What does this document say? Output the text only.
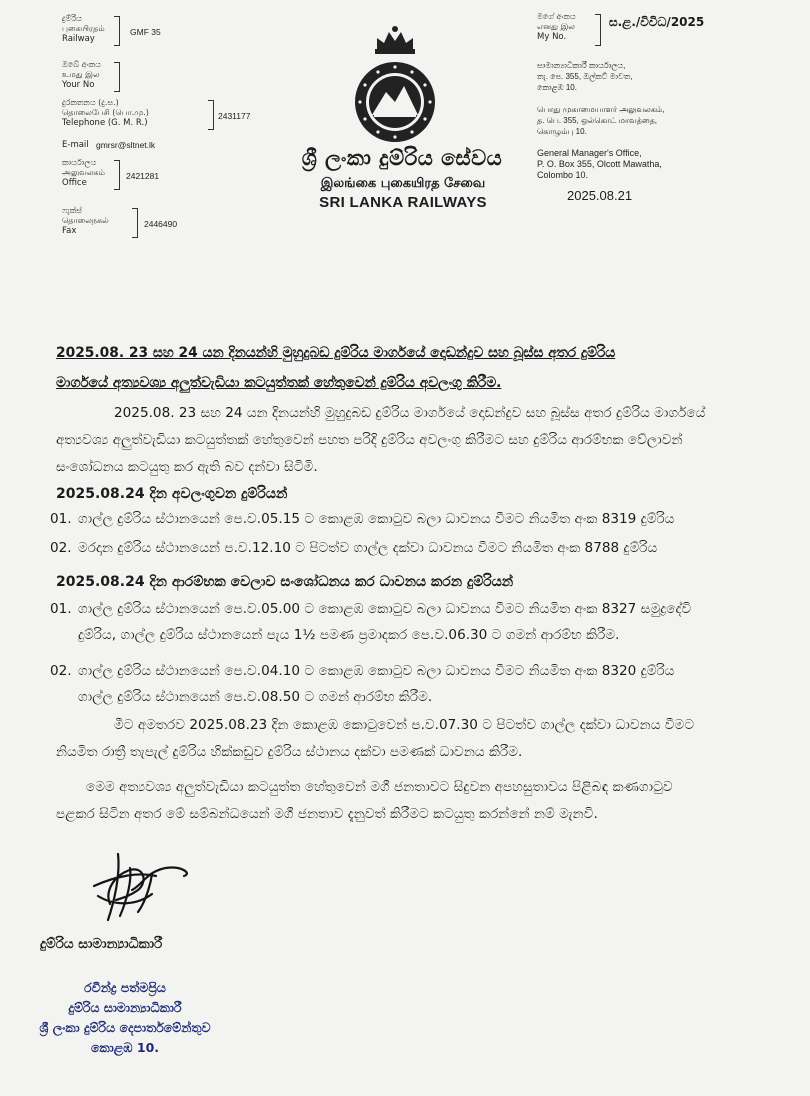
දුම්රිය
புகையிரதம்
Railway
GMF 35
ඔබේ අංකය
உமது இல
Your No
දුරකතනය (දු.ස.)
தொலைபேசி (பொ.மு.)
Telephone (G. M. R.)
2431177
E-mail gmrsr@sltnet.lk
කාර්යාලය
அலுவலகம்
Office
2421281
ෆැක්ස්
தொலைநகல்
Fax
2446490
ශ්‍රී ලංකා දුම්රිය සේවය
இலங்கை புகையிரத சேவை
SRI LANKA RAILWAYS
මගේ අංකය
எனது இல
My No.
ස.ළ./විවිධ/2025
සාමාන්‍යාධිකාරී කාර්යාලය,
තැ. පෙ. 355, ඔල්කට් මාවත,
කොළඹ 10.
பொது முகாமையாளர் அலுவலகம்,
த. பெ. 355, ஒல்கொட் மாவத்தை,
கொழும்பு 10.
General Manager's Office,
P. O. Box 355, Olcott Mawatha,
Colombo 10.
2025.08.21
2025.08. 23 සහ 24 යන දිනයන්හි මුහුදුබඩ දුම්රිය මාර්ගයේ දොඩන්දුව සහ බූස්ස අතර දුම්රිය
මාර්ගයේ අත්‍යවශ්‍ය අලුත්වැඩියා කටයුත්තක් හේතුවෙන් දුම්රිය අවලංගු කිරීම.
2025.08. 23 සහ 24 යන දිනයන්හි මුහුදුබඩ දුම්රිය මාර්ගයේ දොඩන්දුව සහ බූස්ස අතර දුම්රිය මාර්ගයේ
අත්‍යවශ්‍ය අලුත්වැඩියා කටයුත්තක් හේතුවෙන් පහත පරිදි දුම්රිය අවලංගු කිරීමට සහ දුම්රිය ආරම්භක වේලාවන්
සංශෝධනය කටයුතු කර ඇති බව දන්වා සිටිමි.
2025.08.24 දින අවලංගුවන දුම්රියන්
01. ගාල්ල දුම්රිය ස්ථානයෙන් පෙ.ව.05.15 ට කොළඹ කොටුව බලා ධාවනය වීමට නියමිත අංක 8319 දුම්රිය
02. මරදාන දුම්රිය ස්ථානයෙන් ප.ව.12.10 ට පිටත්ව ගාල්ල දක්වා ධාවනය වීමට නියමිත අංක 8788 දුම්රිය
2025.08.24 දින ආරම්භක වෙලාව සංශෝධනය කර ධාවනය කරන දුම්රියන්
01. ගාල්ල දුම්රිය ස්ථානයෙන් පෙ.ව.05.00 ට කොළඹ කොටුව බලා ධාවනය වීමට නියමිත අංක 8327 සමුද්‍රදේවි
දුම්රිය, ගාල්ල දුම්රිය ස්ථානයෙන් පැය 1½ පමණ ප්‍රමාදකර පෙ.ව.06.30 ට ගමන් ආරම්භ කිරීම.
02. ගාල්ල දුම්රිය ස්ථානයෙන් පෙ.ව.04.10 ට කොළඹ කොටුව බලා ධාවනය වීමට නියමිත අංක 8320 දුම්රිය
ගාල්ල දුම්රිය ස්ථානයෙන් පෙ.ව.08.50 ට ගමන් ආරම්භ කිරීම.
මීට අමතරව 2025.08.23 දින කොළඹ කොටුවෙන් ප.ව.07.30 ට පිටත්ව ගාල්ල දක්වා ධාවනය වීමට
නියමිත රාත්‍රී තැපැල් දුම්රිය හික්කඩුව දුම්රිය ස්ථානය දක්වා පමණක් ධාවනය කිරීම.
මෙම අත්‍යවශ්‍ය අලුත්වැඩියා කටයුත්ත හේතුවෙන් මගී ජනතාවට සිදුවන අපහසුතාවය පිළිබඳ කණගාටුව
පළකර සිටින අතර මේ සම්බන්ධයෙන් මගී ජනතාව දැනුවත් කිරීමට කටයුතු කරන්නේ නම් මැනවි.
දුම්රිය සාමාන්‍යාධිකාරී
රවීන්ද්‍ර පත්මප්‍රිය
දුම්රිය සාමාන්‍යාධිකාරී
ශ්‍රී ලංකා දුම්රිය දෙපාර්තමේන්තුව
කොළඹ 10.
